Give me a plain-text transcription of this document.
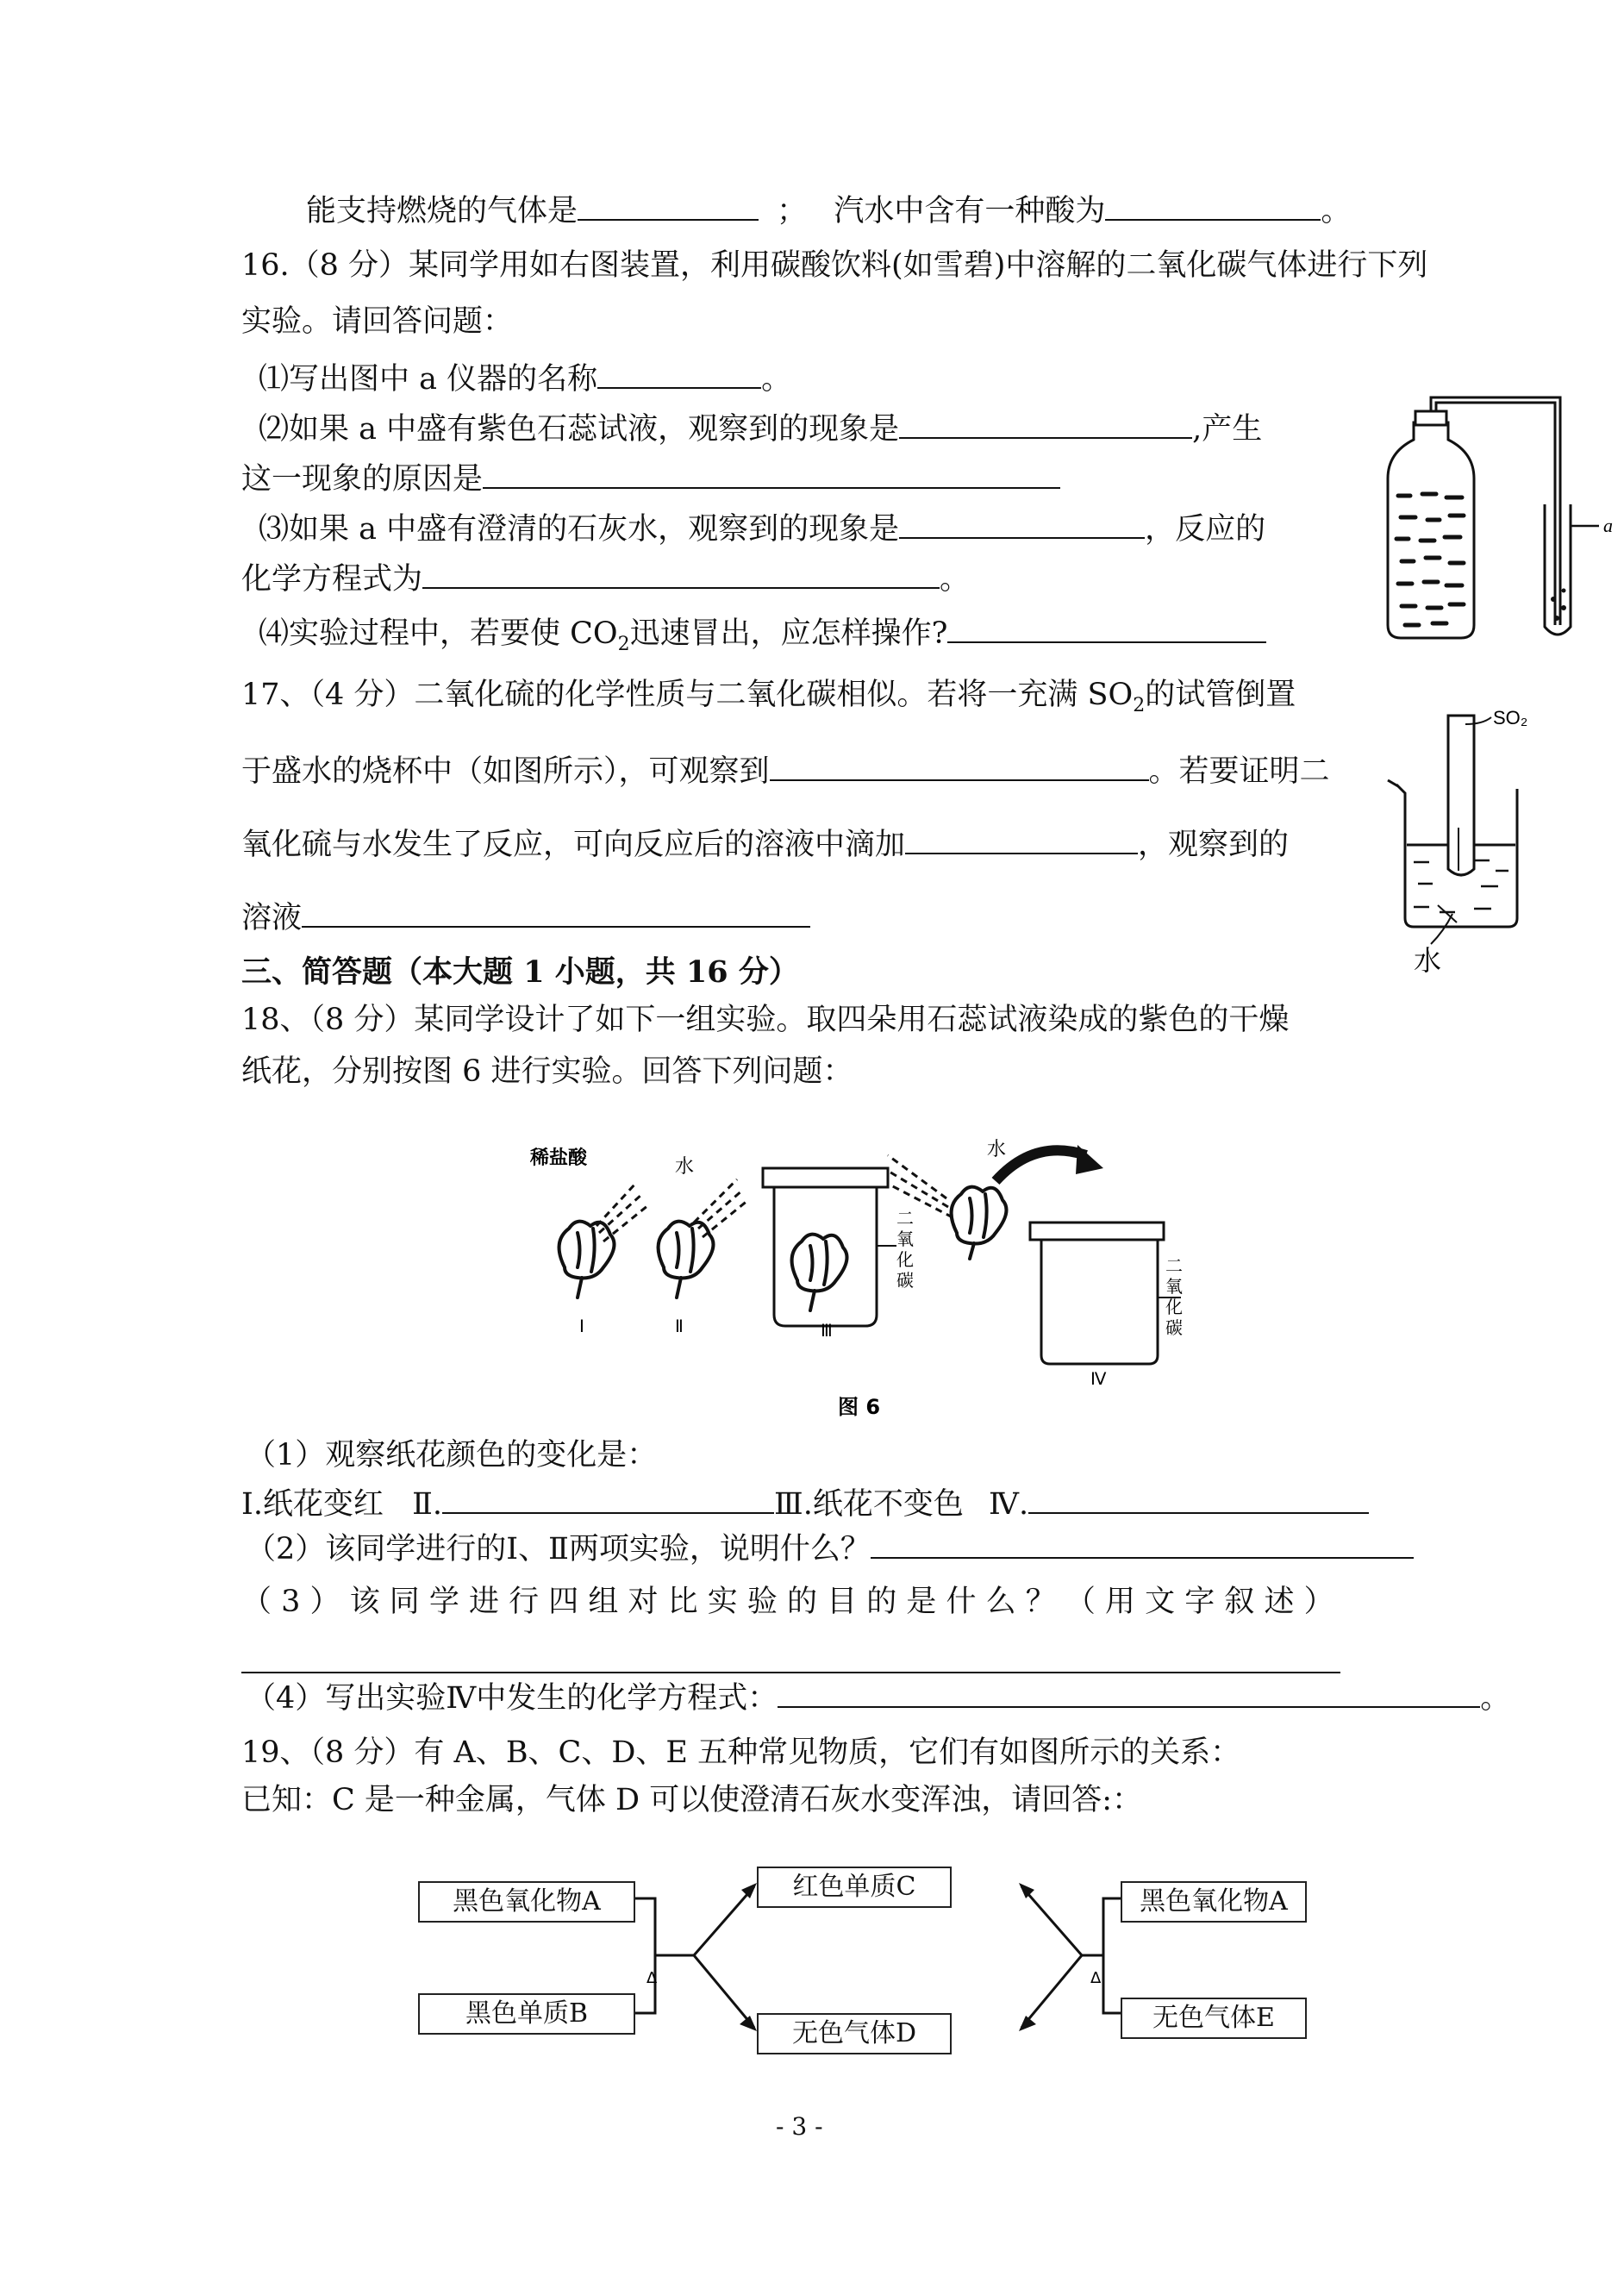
能支持燃烧的气体是	； 汽水中含有一种酸为	。
16.（8 分）某同学用如右图装置，利用碳酸饮料(如雪碧)中溶解的二氧化碳气体进行下列
实验。请回答问题：
⑴写出图中 a 仪器的名称	。
⑵如果 a 中盛有紫色石蕊试液，观察到的现象是	,产生
这一现象的原因是
⑶如果 a 中盛有澄清的石灰水，观察到的现象是	，反应的
化学方程式为	。
⑷实验过程中，若要使 $CO_2$迅速冒出，应怎样操作?
a
17、（4 分）二氧化硫的化学性质与二氧化碳相似。若将一充满 $SO_2$的试管倒置
于盛水的烧杯中（如图所示），可观察到	。若要证明二
氧化硫与水发生了反应，可向反应后的溶液中滴加	，观察到的
溶液
SO₂
水
三、简答题（本大题 1 小题，共 16 分）
18、（8 分）某同学设计了如下一组实验。取四朵用石蕊试液染成的紫色的干燥
纸花，分别按图 6 进行实验。回答下列问题：
稀盐酸	水
水
二
氧
化
碳
二
氧
化
碳
Ⅰ	Ⅱ	Ⅲ
Ⅳ
图 6
（1）观察纸花颜色的变化是：
Ⅰ.纸花变红 Ⅱ.	Ⅲ.纸花不变色 Ⅳ.
（2）该同学进行的Ⅰ、Ⅱ两项实验，说明什么？
（ 3 ） 该 同 学 进 行 四 组 对 比 实 验 的 目 的 是 什 么 ？ （ 用 文 字 叙 述 ）
（4）写出实验Ⅳ中发生的化学方程式：	。
19、（8 分）有 A、B、C、D、E 五种常见物质，它们有如图所示的关系：
已知：C 是一种金属，气体 D 可以使澄清石灰水变浑浊，请回答:：
Δ	Δ
黑色氧化物A
黑色单质B
红色单质C
无色气体D
黑色氧化物A
无色气体E
- 3 -
